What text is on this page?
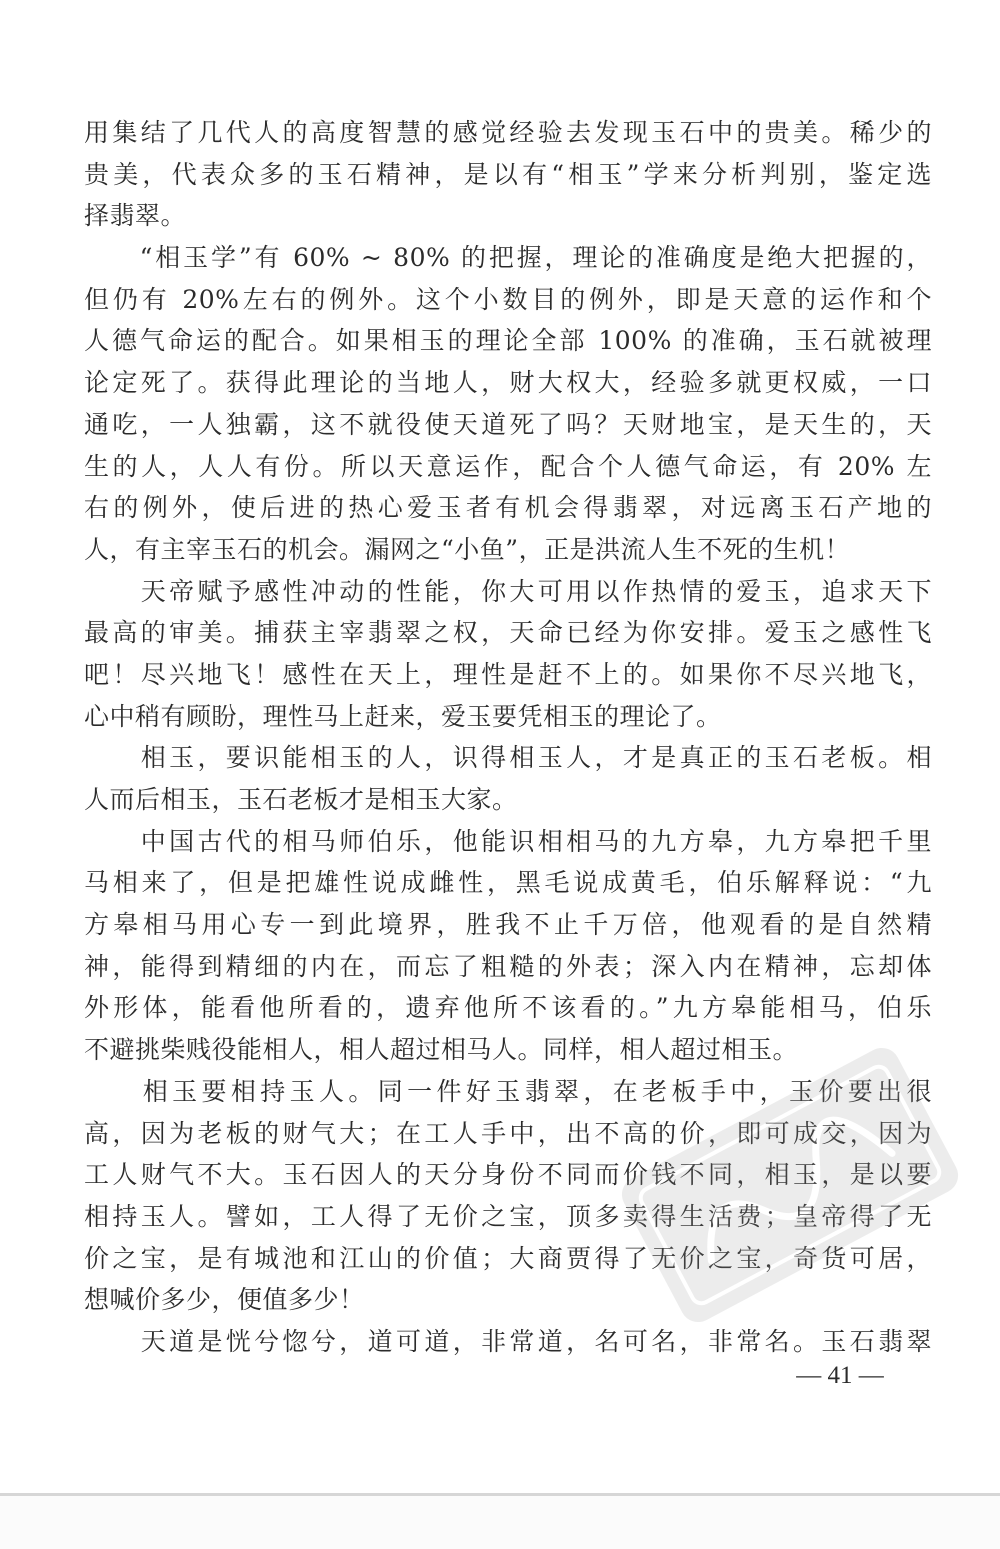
用集结了几代人的高度智慧的感觉经验去发现玉石中的贵美。稀少的
贵美，代表众多的玉石精神，是以有“相玉”学来分析判别，鉴定选
择翡翠。
　　“相玉学”有 60% ~ 80% 的把握，理论的准确度是绝大把握的，
但仍有 20%左右的例外。这个小数目的例外，即是天意的运作和个
人德气命运的配合。如果相玉的理论全部 100% 的准确，玉石就被理
论定死了。获得此理论的当地人，财大权大，经验多就更权威，一口
通吃，一人独霸，这不就役使天道死了吗？天财地宝，是天生的，天
生的人，人人有份。所以天意运作，配合个人德气命运，有 20% 左
右的例外，使后进的热心爱玉者有机会得翡翠，对远离玉石产地的
人，有主宰玉石的机会。漏网之“小鱼”，正是洪流人生不死的生机！
　　天帝赋予感性冲动的性能，你大可用以作热情的爱玉，追求天下
最高的审美。捕获主宰翡翠之权，天命已经为你安排。爱玉之感性飞
吧！尽兴地飞！感性在天上，理性是赶不上的。如果你不尽兴地飞，
心中稍有顾盼，理性马上赶来，爱玉要凭相玉的理论了。
　　相玉，要识能相玉的人，识得相玉人，才是真正的玉石老板。相
人而后相玉，玉石老板才是相玉大家。
　　中国古代的相马师伯乐，他能识相相马的九方皋，九方皋把千里
马相来了，但是把雄性说成雌性，黑毛说成黄毛，伯乐解释说：“九
方皋相马用心专一到此境界，胜我不止千万倍，他观看的是自然精
神，能得到精细的内在，而忘了粗糙的外表；深入内在精神，忘却体
外形体，能看他所看的，遗弃他所不该看的。”九方皋能相马，伯乐
不避挑柴贱役能相人，相人超过相马人。同样，相人超过相玉。
　　相玉要相持玉人。同一件好玉翡翠，在老板手中，玉价要出很
高，因为老板的财气大；在工人手中，出不高的价，即可成交，因为
工人财气不大。玉石因人的天分身份不同而价钱不同，相玉，是以要
相持玉人。譬如，工人得了无价之宝，顶多卖得生活费；皇帝得了无
价之宝，是有城池和江山的价值；大商贾得了无价之宝，奇货可居，
想喊价多少，便值多少！
　　天道是恍兮惚兮，道可道，非常道，名可名，非常名。玉石翡翠
— 41 —
